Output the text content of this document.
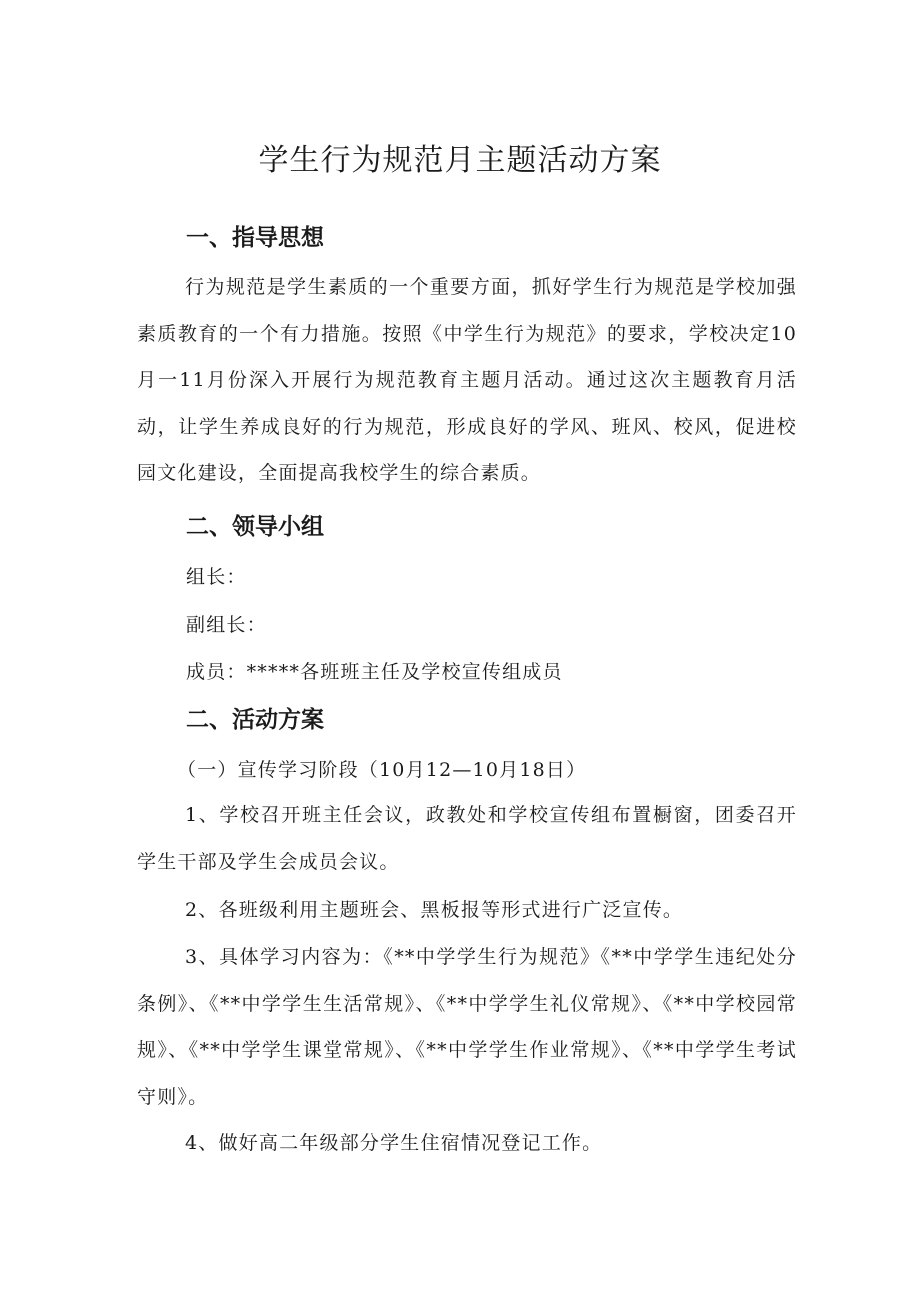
学生行为规范月主题活动方案
一、指导思想

行为规范是学生素质的一个重要方面，抓好学生行为规范是学校加强素质教育的一个有力措施。按照《中学生行为规范》的要求，学校决定10月一11月份深入开展行为规范教育主题月活动。通过这次主题教育月活动，让学生养成良好的行为规范，形成良好的学风、班风、校风，促进校园文化建设，全面提高我校学生的综合素质。

二、领导小组

组长：

副组长：

成员：*****各班班主任及学校宣传组成员

二、活动方案

（一）宣传学习阶段（10月12—10月18日）

1、学校召开班主任会议，政教处和学校宣传组布置橱窗，团委召开学生干部及学生会成员会议。

2、各班级利用主题班会、黑板报等形式进行广泛宣传。

3、具体学习内容为：《**中学学生行为规范》《**中学学生违纪处分条例》、《**中学学生生活常规》、《**中学学生礼仪常规》、《**中学校园常规》、《**中学学生课堂常规》、《**中学学生作业常规》、《**中学学生考试守则》。

4、做好高二年级部分学生住宿情况登记工作。
